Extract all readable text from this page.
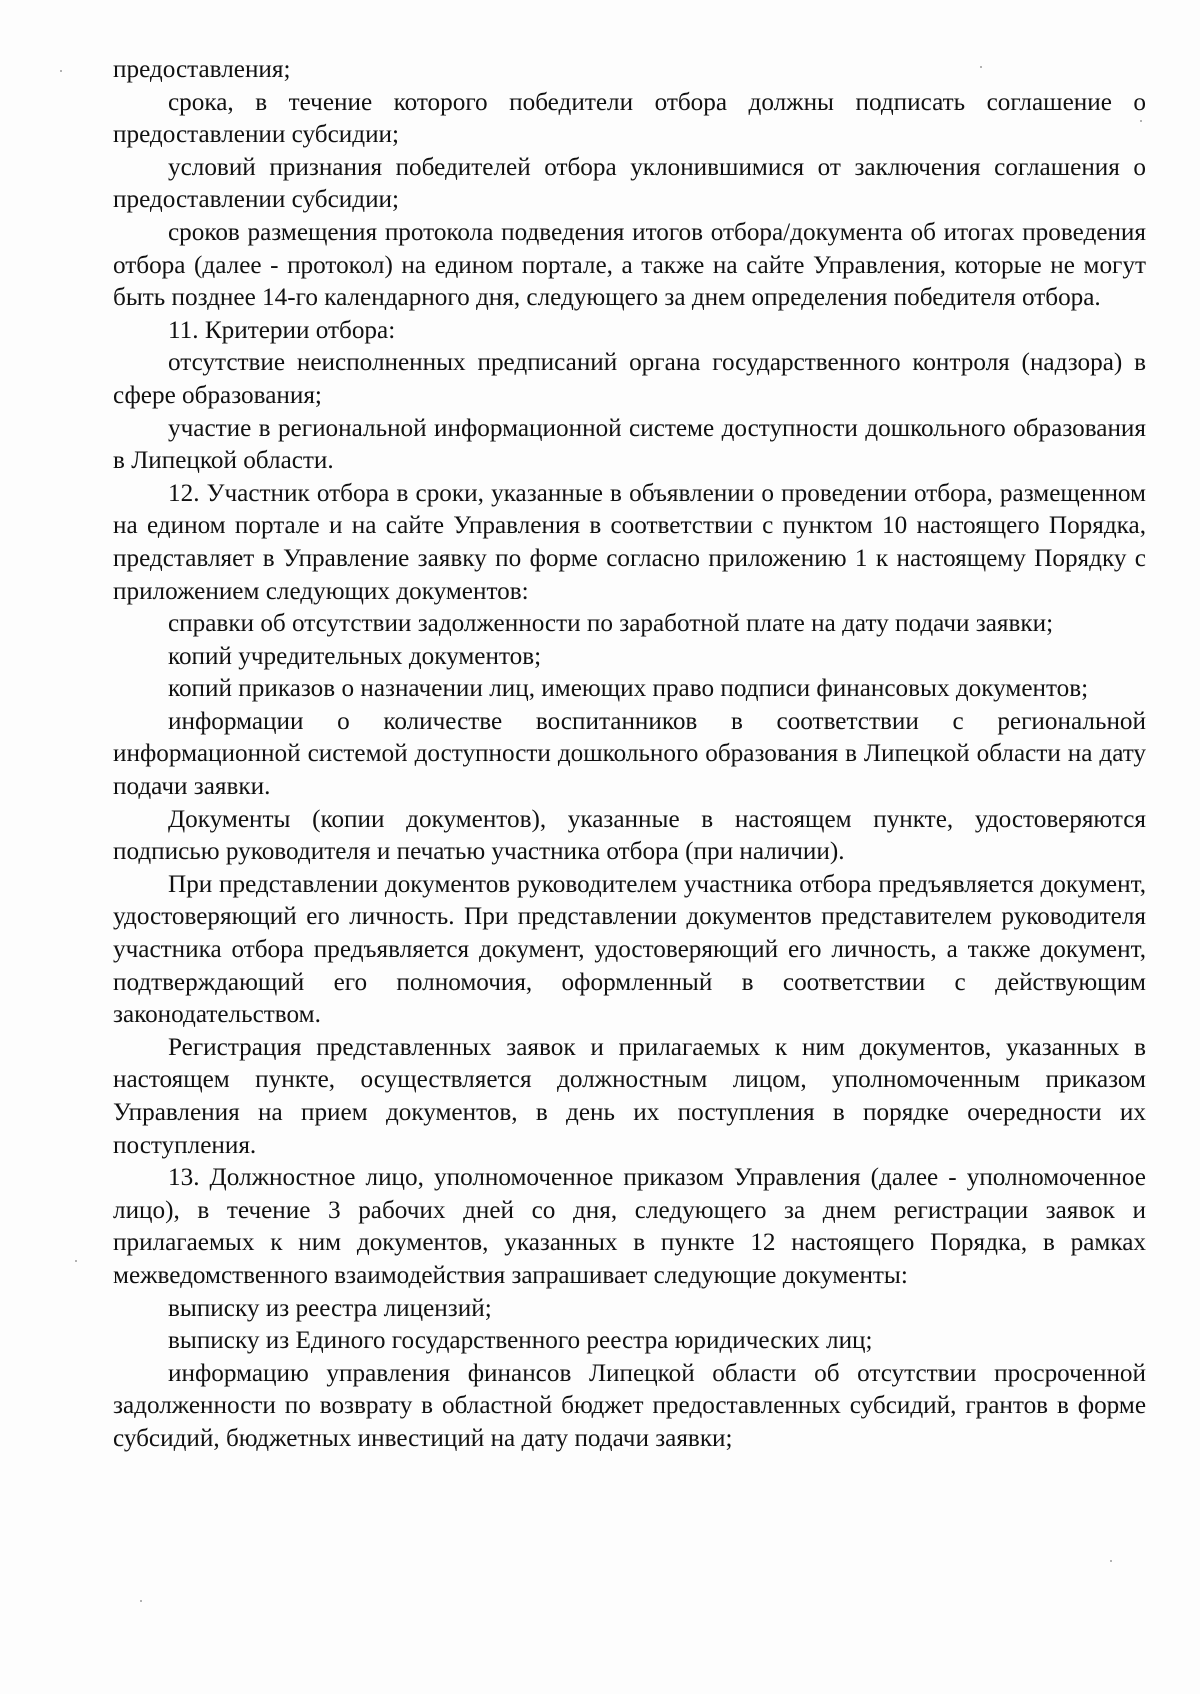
предоставления;

срока, в течение которого победители отбора должны подписать соглашение о предоставлении субсидии;

условий признания победителей отбора уклонившимися от заключения соглашения о предоставлении субсидии;

сроков размещения протокола подведения итогов отбора/документа об итогах проведения отбора (далее - протокол) на едином портале, а также на сайте Управления, которые не могут быть позднее 14-го календарного дня, следующего за днем определения победителя отбора.

11. Критерии отбора:

отсутствие неисполненных предписаний органа государственного контроля (надзора) в сфере образования;

участие в региональной информационной системе доступности дошкольного образования в Липецкой области.

12. Участник отбора в сроки, указанные в объявлении о проведении отбора, размещенном на едином портале и на сайте Управления в соответствии с пунктом 10 настоящего Порядка, представляет в Управление заявку по форме согласно приложению 1 к настоящему Порядку с приложением следующих документов:

справки об отсутствии задолженности по заработной плате на дату подачи заявки;

копий учредительных документов;

копий приказов о назначении лиц, имеющих право подписи финансовых документов;

информации о количестве воспитанников в соответствии с региональной информационной системой доступности дошкольного образования в Липецкой области на дату подачи заявки.

Документы (копии документов), указанные в настоящем пункте, удостоверяются подписью руководителя и печатью участника отбора (при наличии).

При представлении документов руководителем участника отбора предъявляется документ, удостоверяющий его личность. При представлении документов представителем руководителя участника отбора предъявляется документ, удостоверяющий его личность, а также документ, подтверждающий его полномочия, оформленный в соответствии с действующим законодательством.

Регистрация представленных заявок и прилагаемых к ним документов, указанных в настоящем пункте, осуществляется должностным лицом, уполномоченным приказом Управления на прием документов, в день их поступления в порядке очередности их поступления.

13. Должностное лицо, уполномоченное приказом Управления (далее - уполномоченное лицо), в течение 3 рабочих дней со дня, следующего за днем регистрации заявок и прилагаемых к ним документов, указанных в пункте 12 настоящего Порядка, в рамках межведомственного взаимодействия запрашивает следующие документы:

выписку из реестра лицензий;

выписку из Единого государственного реестра юридических лиц;

информацию управления финансов Липецкой области об отсутствии просроченной задолженности по возврату в областной бюджет предоставленных субсидий, грантов в форме субсидий, бюджетных инвестиций на дату подачи заявки;
